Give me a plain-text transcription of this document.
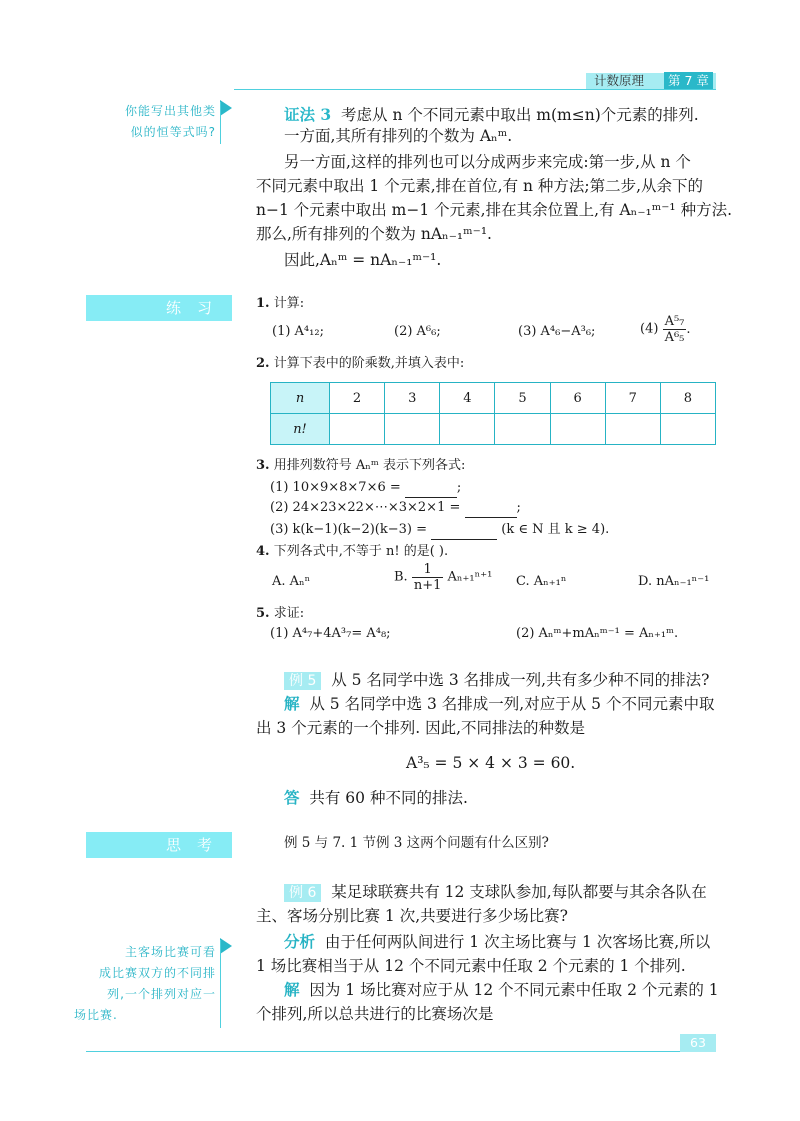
计数原理	第 7 章
你能写出其他类
似的恒等式吗?
证法 3 考虑从 n 个不同元素中取出 m(m≤n)个元素的排列.
一方面,其所有排列的个数为 Aₙᵐ.
另一方面,这样的排列也可以分成两步来完成:第一步,从 n 个
不同元素中取出 1 个元素,排在首位,有 n 种方法;第二步,从余下的
n−1 个元素中取出 m−1 个元素,排在其余位置上,有 Aₙ₋₁ᵐ⁻¹ 种方法.
那么,所有排列的个数为 nAₙ₋₁ᵐ⁻¹.
因此,Aₙᵐ = nAₙ₋₁ᵐ⁻¹.
练习	1. 计算:
(1) A⁴₁₂;	(2) A⁶₆;	(3) A⁴₆−A³₆;	$(4) \frac{\text{A⁵₇}}{\text{A⁶₅}}$ .
2. 计算下表中的阶乘数,并填入表中:
n	2	3	4	5	6	7	8
n!							
3. 用排列数符号 Aₙᵐ 表示下列各式:
(1) 10×9×8×7×6 =	;
(2) 24×23×22×⋯×3×2×1 =	;
(3) k(k−1)(k−2)(k−3) =	(k ∈ N 且 k ≥ 4).
4. 下列各式中,不等于 n! 的是( ).
A. Aₙⁿ	B. $\frac{1}{n+1} A_{n+1}^{n+1}$ C. Aₙ₊₁ⁿ	D. nAₙ₋₁ⁿ⁻¹
5. 求证:
(1) A⁴₇+4A³₇= A⁴₈;	(2) Aₙᵐ+mAₙᵐ⁻¹ = Aₙ₊₁ᵐ.
例 5 从 5 名同学中选 3 名排成一列,共有多少种不同的排法?
解 从 5 名同学中选 3 名排成一列,对应于从 5 个不同元素中取
出 3 个元素的一个排列. 因此,不同排法的种数是
A³₅ = 5 × 4 × 3 = 60.
答 共有 60 种不同的排法.
思考	例 5 与 7. 1 节例 3 这两个问题有什么区别?
例 6 某足球联赛共有 12 支球队参加,每队都要与其余各队在
主、客场分别比赛 1 次,共要进行多少场比赛?
分析 由于任何两队间进行 1 次主场比赛与 1 次客场比赛,所以
1 场比赛相当于从 12 个不同元素中任取 2 个元素的 1 个排列.
解 因为 1 场比赛对应于从 12 个不同元素中任取 2 个元素的 1
个排列,所以总共进行的比赛场次是
主客场比赛可看
成比赛双方的不同排
列,一个排列对应一
场比赛.
63
